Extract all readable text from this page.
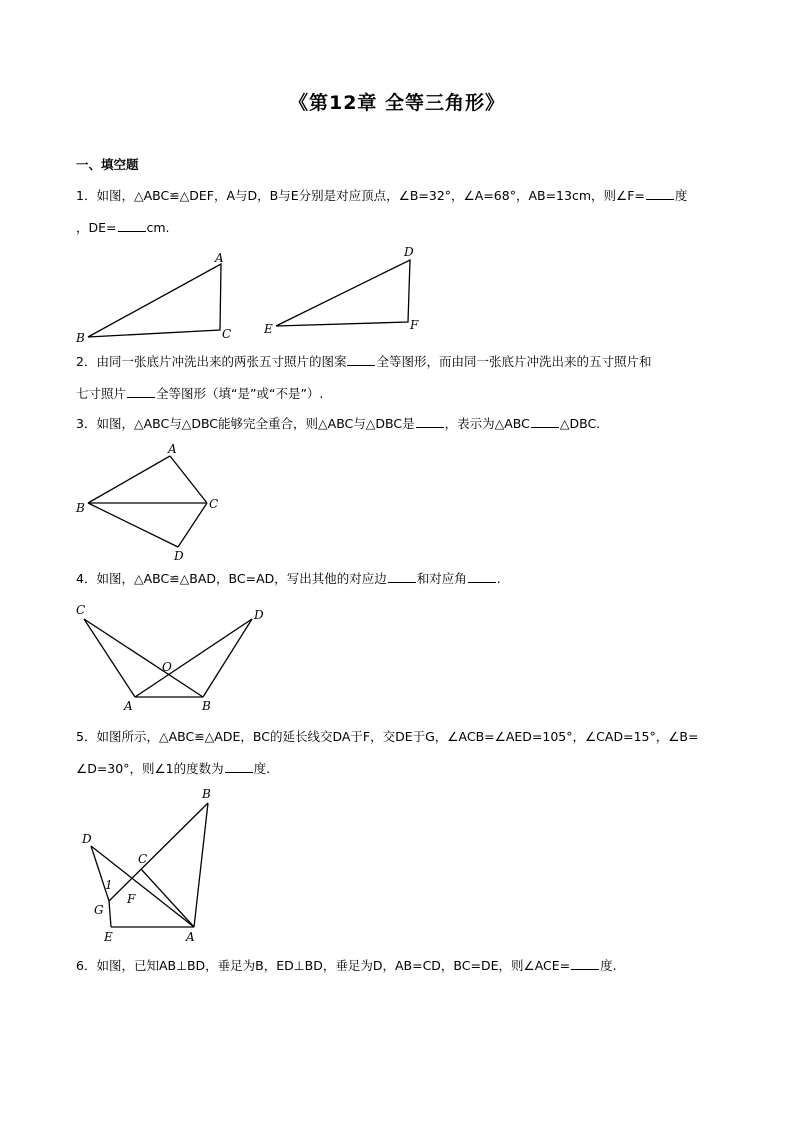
《第12章 全等三角形》
一、填空题
1．如图，△ABC≌△DEF，A与D，B与E分别是对应顶点，∠B=32°，∠A=68°，AB=13cm，则∠F= 度
，DE= cm.
A
B	C
D
E	F
2．由同一张底片冲洗出来的两张五寸照片的图案 全等图形，而由同一张底片冲洗出来的五寸照片和
七寸照片 全等图形（填“是”或“不是”）.
3．如图，△ABC与△DBC能够完全重合，则△ABC与△DBC是 ，表示为△ABC △DBC.
A
B	C
D
4．如图，△ABC≌△BAD，BC=AD，写出其他的对应边 和对应角 .
C	D
O
A	B
5．如图所示，△ABC≌△ADE，BC的延长线交DA于F，交DE于G，∠ACB=∠AED=105°，∠CAD=15°，∠B=
∠D=30°，则∠1的度数为 度.
B
D
C
1
F
G
E	A
6．如图，已知AB⊥BD，垂足为B，ED⊥BD，垂足为D，AB=CD，BC=DE，则∠ACE= 度.
